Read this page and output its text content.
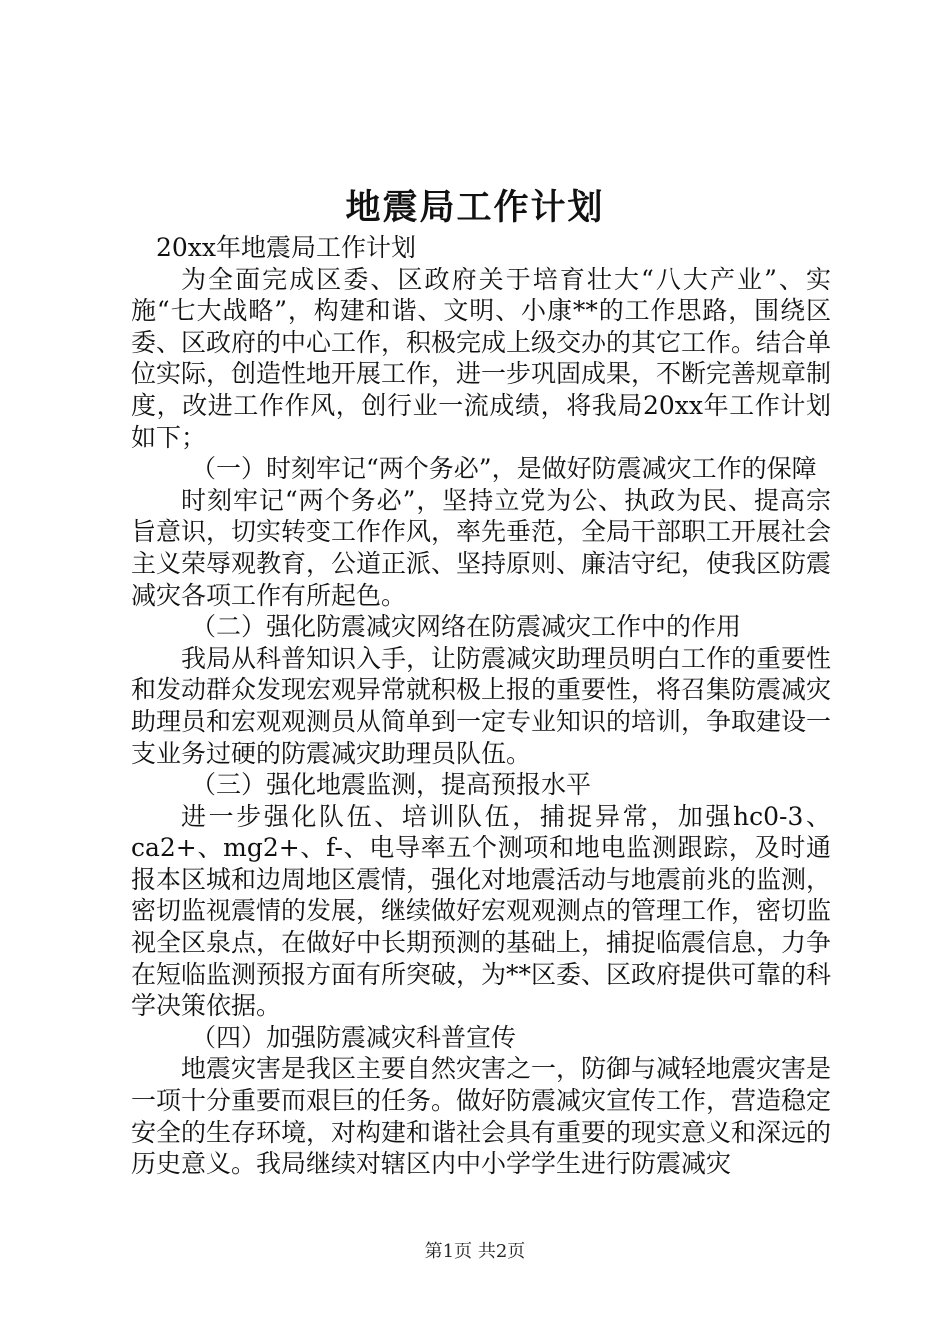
地震局工作计划

20xx年地震局工作计划

为全面完成区委、区政府关于培育壮大“八大产业”、实施“七大战略”，构建和谐、文明、小康**的工作思路，围绕区委、区政府的中心工作，积极完成上级交办的其它工作。结合单位实际，创造性地开展工作，进一步巩固成果，不断完善规章制度，改进工作作风，创行业一流成绩，将我局20xx年工作计划如下；

（一）时刻牢记“两个务必”，是做好防震减灾工作的保障

时刻牢记“两个务必”，坚持立党为公、执政为民、提高宗旨意识，切实转变工作作风，率先垂范，全局干部职工开展社会主义荣辱观教育，公道正派、坚持原则、廉洁守纪，使我区防震减灾各项工作有所起色。

（二）强化防震减灾网络在防震减灾工作中的作用

我局从科普知识入手，让防震减灾助理员明白工作的重要性和发动群众发现宏观异常就积极上报的重要性，将召集防震减灾助理员和宏观观测员从简单到一定专业知识的培训，争取建设一支业务过硬的防震减灾助理员队伍。

（三）强化地震监测，提高预报水平

进一步强化队伍、培训队伍，捕捉异常，加强hc0-3、ca2+、mg2+、f-、电导率五个测项和地电监测跟踪，及时通报本区城和边周地区震情，强化对地震活动与地震前兆的监测，密切监视震情的发展，继续做好宏观观测点的管理工作，密切监视全区泉点，在做好中长期预测的基础上，捕捉临震信息，力争在短临监测预报方面有所突破，为**区委、区政府提供可靠的科学决策依据。

（四）加强防震减灾科普宣传

地震灾害是我区主要自然灾害之一，防御与减轻地震灾害是一项十分重要而艰巨的任务。做好防震减灾宣传工作，营造稳定安全的生存环境，对构建和谐社会具有重要的现实意义和深远的历史意义。我局继续对辖区内中小学学生进行防震减灾

第1页 共2页
